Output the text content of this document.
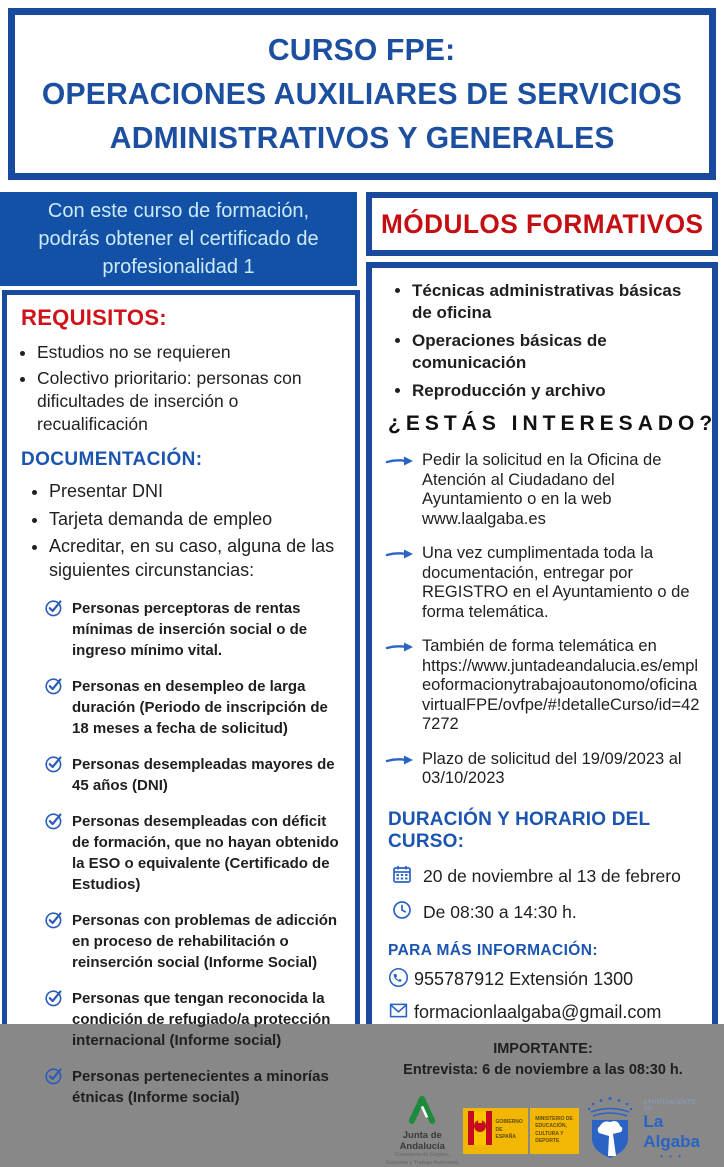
CURSO FPE:
OPERACIONES AUXILIARES DE SERVICIOS
ADMINISTRATIVOS Y GENERALES

Con este curso de formación, podrás obtener el certificado de profesionalidad 1

REQUISITOS:
• Estudios no se requieren
• Colectivo prioritario: personas con dificultades de inserción o recualificación
DOCUMENTACIÓN:
• Presentar DNI
• Tarjeta demanda de empleo
• Acreditar, en su caso, alguna de las siguientes circunstancias:

Personas perceptoras de rentas mínimas de inserción social o de ingreso mínimo vital.

Personas en desempleo de larga duración (Periodo de inscripción de 18 meses a fecha de solicitud)

Personas desempleadas mayores de 45 años (DNI)

Personas desempleadas con déficit de formación, que no hayan obtenido la ESO o equivalente (Certificado de Estudios)

Personas con problemas de adicción en proceso de rehabilitación o reinserción social (Informe Social)

Personas que tengan reconocida la condición de refugiado/a protección internacional (Informe social)

Personas pertenecientes a minorías étnicas (Informe social)

MÓDULOS FORMATIVOS
• Técnicas administrativas básicas de oficina
• Operaciones básicas de comunicación
• Reproducción y archivo
¿ESTÁS INTERESADO?

Pedir la solicitud en la Oficina de Atención al Ciudadano del Ayuntamiento o en la web www.laalgaba.es

Una vez cumplimentada toda la documentación, entregar por REGISTRO en el Ayuntamiento o de forma telemática.

También de forma telemática en https://www.juntadeandalucia.es/empleoformacionytrabajoautonomo/oficinavirtualFPE/ovfpe/#!detalleCurso/id=427272

Plazo de solicitud del 19/09/2023 al 03/10/2023

DURACIÓN Y HORARIO DEL CURSO:
20 de noviembre al 13 de febrero
De 08:30 a 14:30 h.
PARA MÁS INFORMACIÓN:
955787912 Extensión 1300
formacionlaalgaba@gmail.com
IMPORTANTE:
Entrevista: 6 de noviembre a las 08:30 h.
Junta de Andalucía
Consejería de Empleo,
Empresa y Trabajo Autónomo
GOBIERNO DE ESPAÑA
MINISTERIO DE EDUCACIÓN, CULTURA Y DEPORTE
AYUNTAMIENTO DE
La Algaba
• • •
